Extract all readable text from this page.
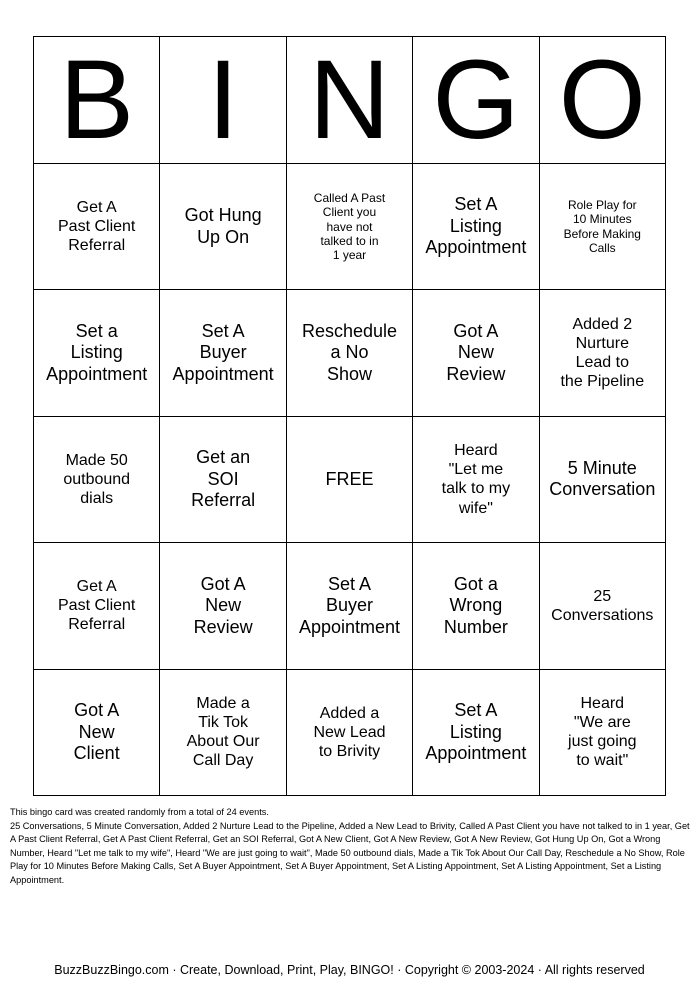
B I N G O
Get A
Past Client
Referral
Got Hung
Up On
Called A Past
Client you
have not
talked to in
1 year
Set A
Listing
Appointment
Role Play for
10 Minutes
Before Making
Calls
Set a
Listing
Appointment
Set A
Buyer
Appointment
Reschedule
a No
Show
Got A
New
Review
Added 2
Nurture
Lead to
the Pipeline
Made 50
outbound
dials
Get an
SOI
Referral
FREE
Heard
"Let me
talk to my
wife"
5 Minute
Conversation
Get A
Past Client
Referral
Got A
New
Review
Set A
Buyer
Appointment
Got a
Wrong
Number
25
Conversations
Got A
New
Client
Made a
Tik Tok
About Our
Call Day
Added a
New Lead
to Brivity
Set A
Listing
Appointment
Heard
"We are
just going
to wait"

This bingo card was created randomly from a total of 24 events.

25 Conversations, 5 Minute Conversation, Added 2 Nurture Lead to the Pipeline, Added a New Lead to Brivity, Called A Past Client you have not talked to in 1 year, Get A Past Client Referral, Get A Past Client Referral, Get an SOI Referral, Got A New Client, Got A New Review, Got A New Review, Got Hung Up On, Got a Wrong Number, Heard "Let me talk to my wife", Heard "We are just going to wait", Made 50 outbound dials, Made a Tik Tok About Our Call Day, Reschedule a No Show, Role Play for 10 Minutes Before Making Calls, Set A Buyer Appointment, Set A Buyer Appointment, Set A Listing Appointment, Set A Listing Appointment, Set a Listing Appointment.

BuzzBuzzBingo.com · Create, Download, Print, Play, BINGO! · Copyright © 2003-2024 · All rights reserved
